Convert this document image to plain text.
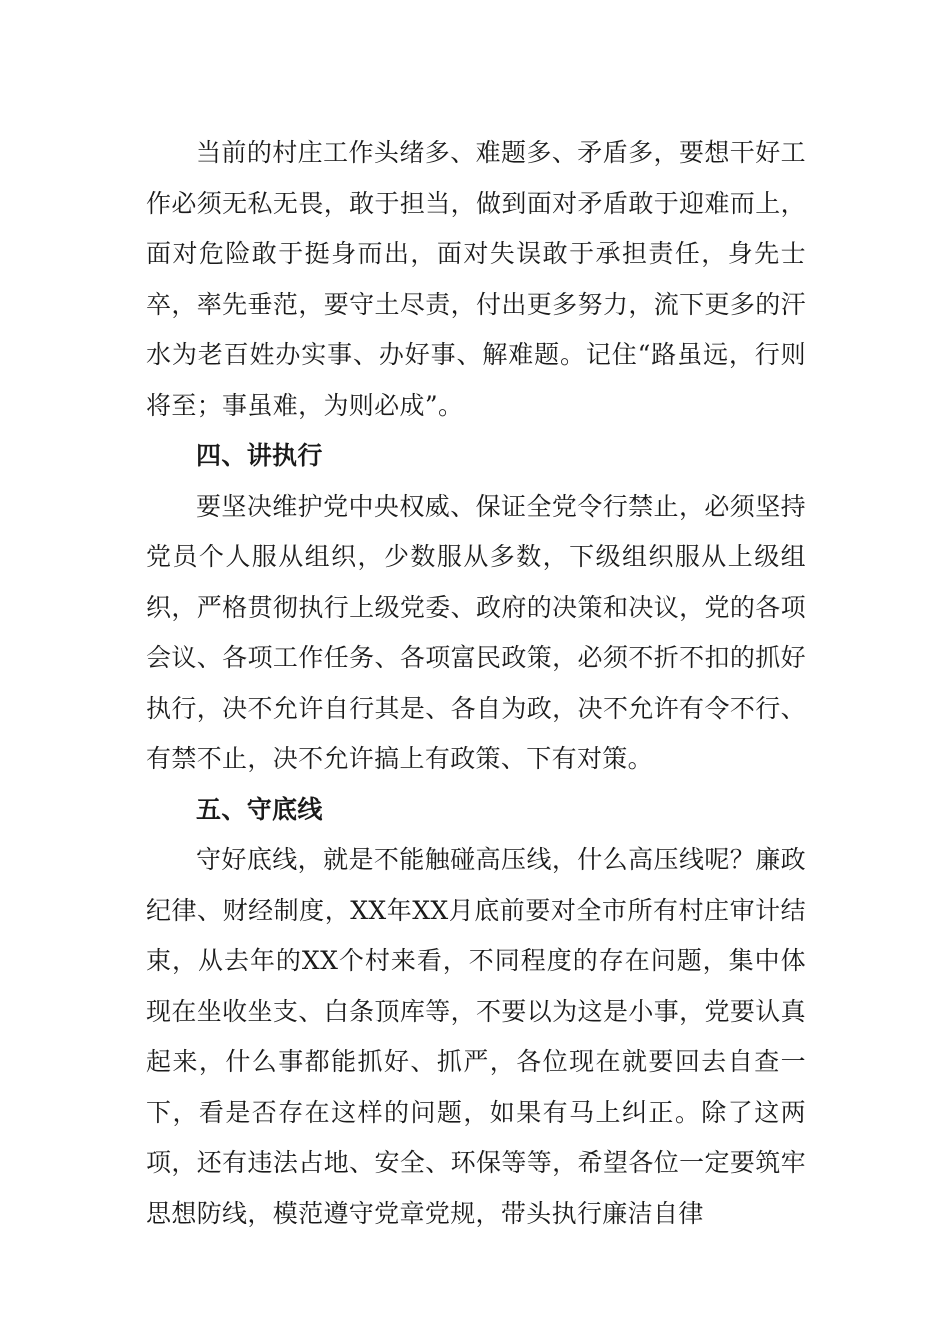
当前的村庄工作头绪多、难题多、矛盾多，要想干好工作必须无私无畏，敢于担当，做到面对矛盾敢于迎难而上，面对危险敢于挺身而出，面对失误敢于承担责任，身先士卒，率先垂范，要守土尽责，付出更多努力，流下更多的汗水为老百姓办实事、办好事、解难题。记住“路虽远，行则将至；事虽难，为则必成”。

四、讲执行

要坚决维护党中央权威、保证全党令行禁止，必须坚持党员个人服从组织，少数服从多数，下级组织服从上级组织，严格贯彻执行上级党委、政府的决策和决议，党的各项会议、各项工作任务、各项富民政策，必须不折不扣的抓好执行，决不允许自行其是、各自为政，决不允许有令不行、有禁不止，决不允许搞上有政策、下有对策。

五、守底线

守好底线，就是不能触碰高压线，什么高压线呢？廉政纪律、财经制度，XX年XX月底前要对全市所有村庄审计结束，从去年的XX个村来看，不同程度的存在问题，集中体现在坐收坐支、白条顶库等，不要以为这是小事，党要认真起来，什么事都能抓好、抓严，各位现在就要回去自查一下，看是否存在这样的问题，如果有马上纠正。除了这两项，还有违法占地、安全、环保等等，希望各位一定要筑牢思想防线，模范遵守党章党规，带头执行廉洁自律
